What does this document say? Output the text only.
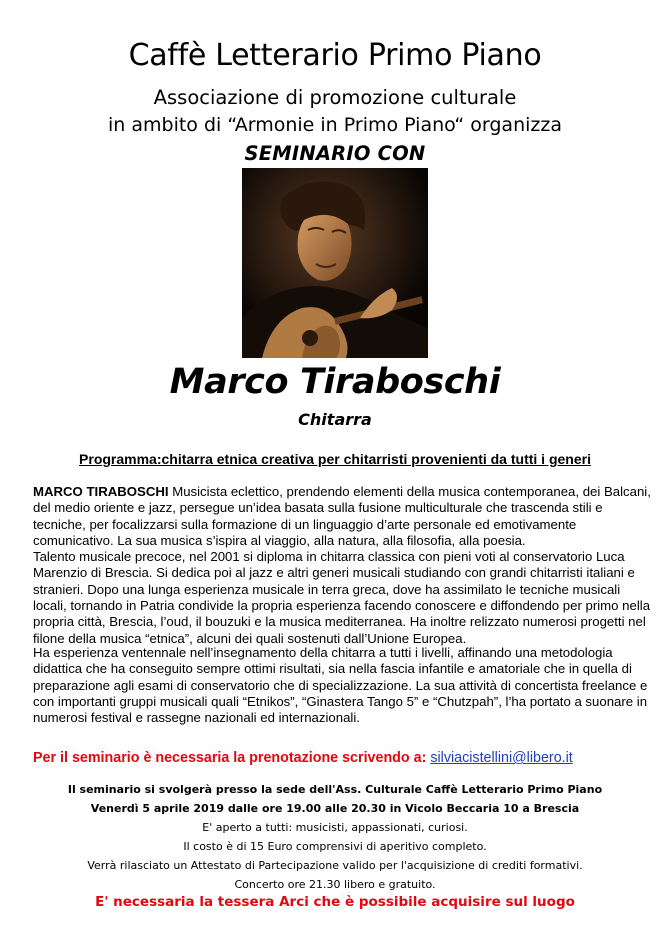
Caffè Letterario Primo Piano
Associazione di promozione culturale
in ambito di “Armonie in Primo Piano“ organizza
SEMINARIO CON
Marco Tiraboschi
Chitarra
Programma:chitarra etnica creativa per chitarristi provenienti da tutti i generi
MARCO TIRABOSCHI Musicista eclettico, prendendo elementi della musica contemporanea, dei Balcani, del medio oriente e jazz, persegue un’idea basata sulla fusione multiculturale che trascenda stili e tecniche, per focalizzarsi sulla formazione di un linguaggio d’arte personale ed emotivamente comunicativo. La sua musica s’ispira al viaggio, alla natura, alla filosofia, alla poesia.
Talento musicale precoce, nel 2001 si diploma in chitarra classica con pieni voti al conservatorio Luca Marenzio di Brescia. Si dedica poi al jazz e altri generi musicali studiando con grandi chitarristi italiani e stranieri. Dopo una lunga esperienza musicale in terra greca, dove ha assimilato le tecniche musicali locali, tornando in Patria condivide la propria esperienza facendo conoscere e diffondendo per primo nella propria città, Brescia, l’oud, il bouzuki e la musica mediterranea. Ha inoltre relizzato numerosi progetti nel filone della musica “etnica”, alcuni dei quali sostenuti dall’Unione Europea.
Ha esperienza ventennale nell’insegnamento della chitarra a tutti i livelli, affinando una metodologia didattica che ha conseguito sempre ottimi risultati, sia nella fascia infantile e amatoriale che in quella di preparazione agli esami di conservatorio che di specializzazione. La sua attività di concertista freelance e con importanti gruppi musicali quali “Etnikos”, “Ginastera Tango 5” e “Chutzpah”, l’ha portato a suonare in numerosi festival e rassegne nazionali ed internazionali.
Per il seminario è necessaria la prenotazione scrivendo a: silviacistellini@libero.it
Il seminario si svolgerà presso la sede dell'Ass. Culturale Caffè Letterario Primo Piano
Venerdì 5 aprile 2019 dalle ore 19.00 alle 20.30 in Vicolo Beccaria 10 a Brescia
E' aperto a tutti: musicisti, appassionati, curiosi.
Il costo è di 15 Euro comprensivi di aperitivo completo.
Verrà rilasciato un Attestato di Partecipazione valido per l'acquisizione di crediti formativi.
Concerto ore 21.30 libero e gratuito.
E' necessaria la tessera Arci che è possibile acquisire sul luogo
